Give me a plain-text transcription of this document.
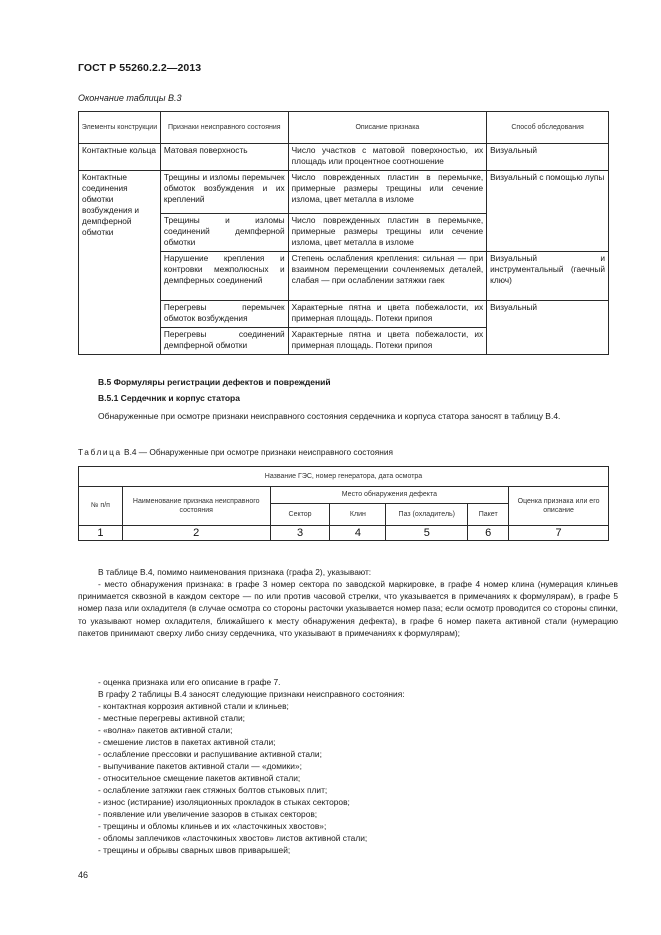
ГОСТ Р 55260.2.2—2013
Окончание таблицы В.3
Элементы конструкции	Признаки неисправного состояния	Описание признака	Способ обследования
Контактные кольца	Матовая поверхность	Число участков с матовой поверхностью, их площадь или процентное соотношение	Визуальный
Контактные соединения обмотки возбуждения и демпферной обмотки	Трещины и изломы перемычек обмоток возбуждения и их креплений	Число поврежденных пластин в перемычке, примерные размеры трещины или сечение излома, цвет металла в изломе	Визуальный с помощью лупы
	Трещины и изломы соединений демпферной обмотки	Число поврежденных пластин в перемычке, примерные размеры трещины или сечение излома, цвет металла в изломе	
	Нарушение крепления и контровки межполюсных и демпферных соединений	Степень ослабления крепления: сильная — при взаимном перемещении сочленяемых деталей, слабая — при ослаблении затяжки гаек	Визуальный и инструментальный (гаечный ключ)
	Перегревы перемычек обмоток возбуждения	Характерные пятна и цвета побежалости, их примерная площадь. Потеки припоя	Визуальный
	Перегревы соединений демпферной обмотки	Характерные пятна и цвета побежалости, их примерная площадь. Потеки припоя	
В.5 Формуляры регистрации дефектов и повреждений
В.5.1 Сердечник и корпус статора
Обнаруженные при осмотре признаки неисправного состояния сердечника и корпуса статора заносят в таблицу В.4.
Таблица В.4 — Обнаруженные при осмотре признаки неисправного состояния
Название ГЭС, номер генератора, дата осмотра						
№ п/п	Наименование признака неисправного состояния	Место обнаружения дефекта				Оценка признака или его описание
		Сектор	Клин	Паз (охладитель)	Пакет	
1	2	3	4	5	6	7
В таблице В.4, помимо наименования признака (графа 2), указывают:
- место обнаружения признака: в графе 3 номер сектора по заводской маркировке, в графе 4 номер клина (нумерация клиньев принимается сквозной в каждом секторе — по или против часовой стрелки, что указывается в примечаниях к формулярам), в графе 5 номер паза или охладителя (в случае осмотра со стороны расточки указывается номер паза; если осмотр проводится со стороны спинки, то указывают номер охладителя, ближайшего к месту обнаружения дефекта), в графе 6 номер пакета активной стали (нумерацию пакетов принимают сверху либо снизу сердечника, что указывают в примечаниях к формулярам);
- оценка признака или его описание в графе 7.
В графу 2 таблицы В.4 заносят следующие признаки неисправного состояния:
- контактная коррозия активной стали и клиньев;
- местные перегревы активной стали;
- «волна» пакетов активной стали;
- смешение листов в пакетах активной стали;
- ослабление прессовки и распушивание активной стали;
- выпучивание пакетов активной стали — «домики»;
- относительное смещение пакетов активной стали;
- ослабление затяжки гаек стяжных болтов стыковых плит;
- износ (истирание) изоляционных прокладок в стыках секторов;
- появление или увеличение зазоров в стыках секторов;
- трещины и обломы клиньев и их «ласточкиных хвостов»;
- обломы заплечиков «ласточкиных хвостов» листов активной стали;
- трещины и обрывы сварных швов приварышей;
46
